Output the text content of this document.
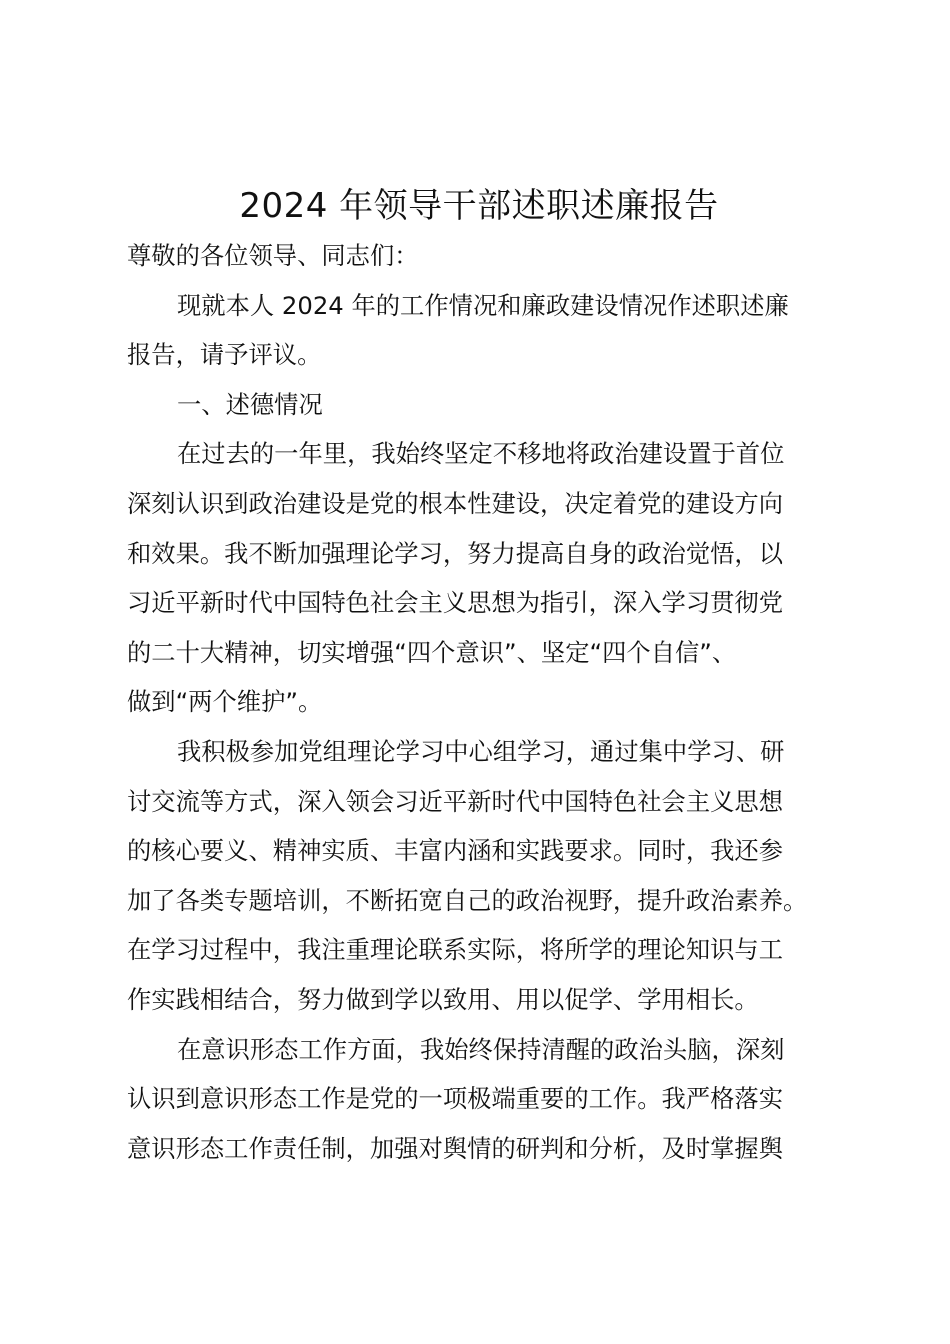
2024 年领导干部述职述廉报告

尊敬的各位领导、同志们：

现就本人 2024 年的工作情况和廉政建设情况作述职述廉
报告，请予评议。

一、述德情况

在过去的一年里，我始终坚定不移地将政治建设置于首位
深刻认识到政治建设是党的根本性建设，决定着党的建设方向
和效果。我不断加强理论学习，努力提高自身的政治觉悟，以
习近平新时代中国特色社会主义思想为指引，深入学习贯彻党
的二十大精神，切实增强“四个意识”、坚定“四个自信”、
做到“两个维护”。

我积极参加党组理论学习中心组学习，通过集中学习、研
讨交流等方式，深入领会习近平新时代中国特色社会主义思想
的核心要义、精神实质、丰富内涵和实践要求。同时，我还参
加了各类专题培训，不断拓宽自己的政治视野，提升政治素养。
在学习过程中，我注重理论联系实际，将所学的理论知识与工
作实践相结合，努力做到学以致用、用以促学、学用相长。

在意识形态工作方面，我始终保持清醒的政治头脑，深刻
认识到意识形态工作是党的一项极端重要的工作。我严格落实
意识形态工作责任制，加强对舆情的研判和分析，及时掌握舆
